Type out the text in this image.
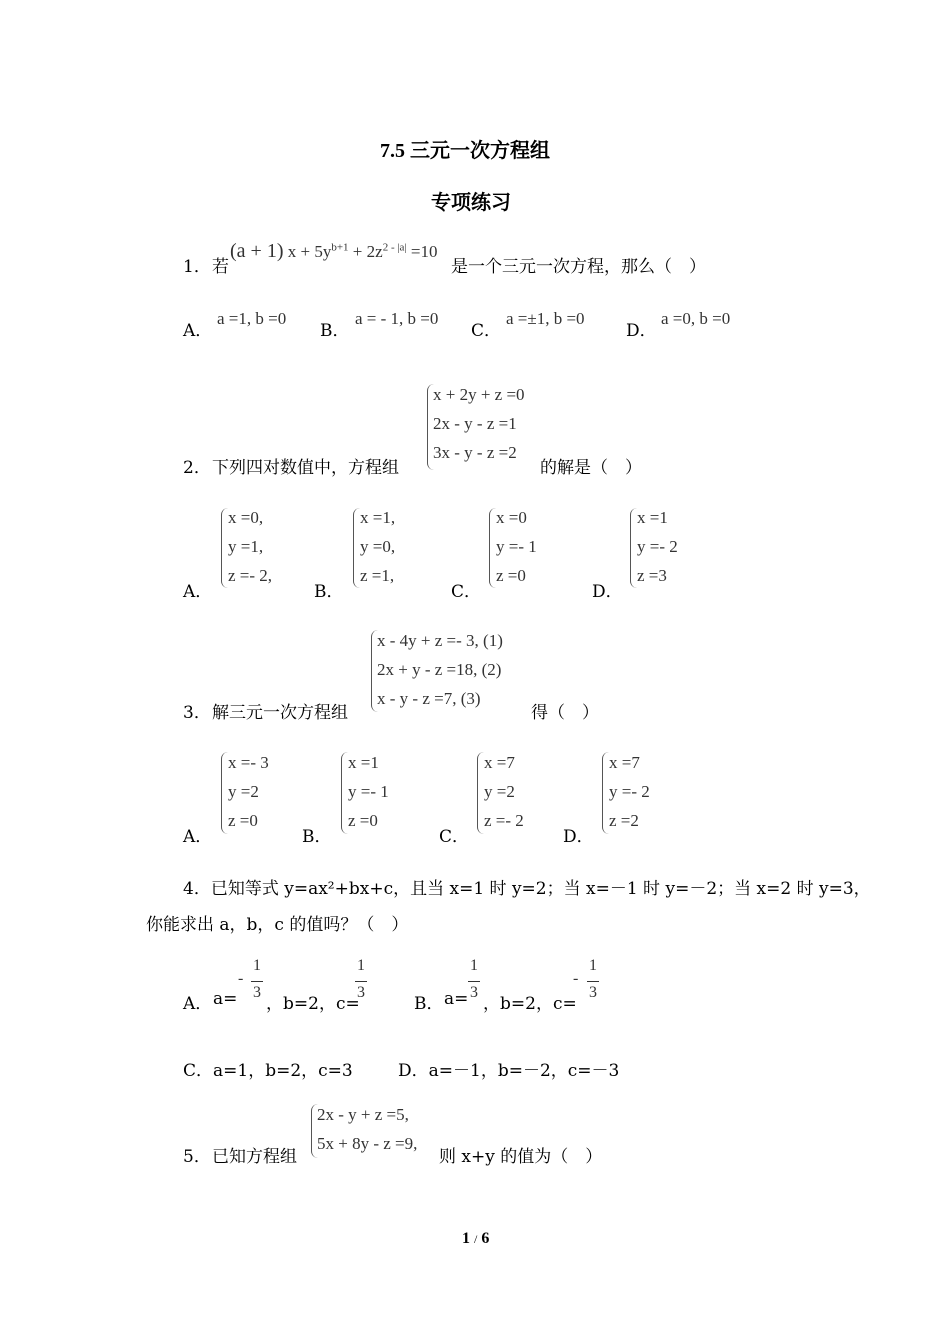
7.5 三元一次方程组
专项练习
1． 若
(a + 1) $x + 5y^{b+1} + 2z^{2 - |a|} =10$
是一个三元一次方程，那么（　）
A．
a =1, b =0
B．
a = - 1, b =0
C．
a =±1, b =0
D．
a =0, b =0
2． 下列四对数值中，方程组
x + 2y + z =0
2x - y - z =1
3x - y - z =2
的解是（　）
A．
x =0,
y =1,
z =- 2,
B．
x =1,
y =0,
z =1,
C．
x =0
y =- 1
z =0
D．
x =1
y =- 2
z =3
3． 解三元一次方程组
x - 4y + z =- 3, (1)
2x + y - z =18, (2)
x - y - z =7, (3)
得（　）
A．
x =- 3
y =2
z =0
B．
x =1
y =- 1
z =0
C．
x =7
y =2
z =- 2
D．
x =7
y =- 2
z =2
4．已知等式 y=ax²+bx+c，且当 x=1 时 y=2；当 x=－1 时 y=－2；当 x=2 时 y=3，
你能求出 a，b，c 的值吗？（　）
A． a=
-
1
3
，b=2，c=
1
3
B． a=
1
3
，b=2，c=
-
1
3
C．a=1，b=2，c=3	D．a=－1，b=－2，c=－3
5． 已知方程组
2x - y + z =5,
5x + 8y - z =9,
则 x+y 的值为（　）
1 / 6
